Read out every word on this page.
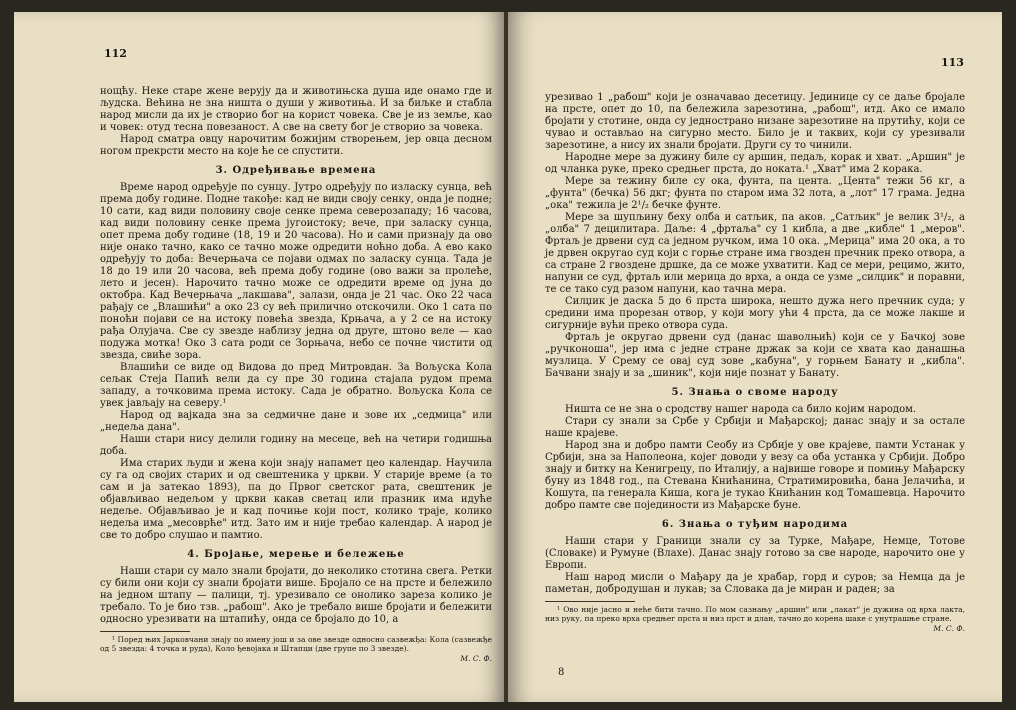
112

нощћу. Неке старе жене верују да и животињска душа иде онамо где и људска. Већина не зна ништа о души у животиња. И за биљке и стабла народ мисли да их је створио бог на корист човека. Све је из земље, као и човек: отуд тесна повезаност. А све на свету бог је створио за човека.

Народ сматра овцу нарочитим божијим створењем, јер овца десном ногом прекрсти место на које ће се спустити.

3. Одређивање времена

Време народ одређује по сунцу. Јутро одређују по изласку сунца, већ према добу године. Подне такође: кад не види своју сенку, онда је подне; 10 сати, кад види половину своје сенке према северозападу; 16 часова, кад види половину сенке према југоистоку; вече, при заласку сунца, опет према добу године (18, 19 и 20 часова). Но и сами признају да ово није онако тачно, како се тачно може одредити ноћно доба. А ево како одређују то доба: Вечерњача се појави одмах по заласку сунца. Тада је 18 до 19 или 20 часова, већ према добу године (ово важи за пролеће, лето и јесен). Нарочито тачно може се одредити време од јуна до октобра. Кад Вечерњача „лакшава", залази, онда је 21 час. Око 22 часа рађају се „Влашићи" а око 23 су већ прилично отскочили. Око 1 сата по поноћи појави се на истоку повећа звезда, Крњача, а у 2 се на истоку рађа Олујача. Све су звезде наблизу једна од друге, штоно веле — као подужа мотка! Око 3 сата роди се Зорњача, небо се почне чистити од звезда, свиће зора.

Влашићи се виде од Видова до пред Митровдан. За Вољуска Кола сељак Стеја Папић вели да су пре 30 година стајала рудом према западу, а точковима према истоку. Сада је обратно. Вољуска Кола се увек јављају на северу.¹

Народ од вајкада зна за седмичне дане и зове их „седмица" или „недеља дана".

Наши стари нису делили годину на месеце, већ на четири годишња доба.

Има старих људи и жена који знају напамет цео календар. Научила су га од својих старих и од свештеника у цркви. У старије време (а то сам и ја затекао 1893), па до Првог светског рата, свештеник је објављивао недељом у цркви какав светац или празник има идуће недеље. Објављивао је и кад почиње који пост, колико траје, колико недеља има „месоврће" итд. Зато им и није требао календар. А народ је све то добро слушао и памтио.

4. Бројање, мерење и бележење

Наши стари су мало знали бројати, до неколико стотина свега. Ретки су били они који су знали бројати више. Бројало се на прсте и бележило на једном штапу — палици, тј. урезивало се онолико зареза колико је требало. То је био тзв. „рабош". Ако је требало више бројати и бележити односно урезивати на штапићу, онда се бројало до 10, а

¹ Поред њих Јарковчани знају по имену још и за ове звезде односно сазвежђа: Кола (сазвежђе од 5 звезда: 4 точка и рудa), Коло ђевојака и Штапци (две групе по 3 звезде).

М. С. Ф.
113

урезивао 1 „рабош" који је означавао десетицу. Јединице су се даље бројале на прсте, опет до 10, па бележила зарезотина, „рабош", итд. Ако се имало бројати у стотине, онда су једнострано низане зарезотине на прутићу, који се чувао и остављао на сигурно место. Било је и таквих, који су урезивали зарезотине, а нису их знали бројати. Други су то чинили.

Народне мере за дужину биле су аршин, педаљ, корак и хват. „Аршин" је од чланка руке, преко средњег прста, до ноката.¹ „Хват" има 2 корака.

Мере за тежину биле су ока, фунта, па цента. „Цента" тежи 56 кг, а „фунта" (бечка) 56 дкг; фунта по старом има 32 лота, а „лот" 17 грама. Једна „ока" тежила је 2¹/₂ бечке фунте.

Мере за шупљину беху олба и сатљик, па аков. „Сатљик" је велик 3¹/₂, а „олба" 7 децилитара. Даље: 4 „фртаља" су 1 кибла, а две „кибле" 1 „меров". Фртаљ је дрвени суд са једном ручком, има 10 ока. „Мерица" има 20 ока, а то је дрвен округао суд који с горње стране има гвозден пречник преко отвора, а са стране 2 гвоздене дршке, да се може ухватити. Кад се мери, рецимо, жито, напуни се суд, фртаљ или мерица до врха, а онда се узме „силџик" и поравни, те се тако суд разом напуни, као тачна мера.

Силџик је даска 5 до 6 прста широка, нешто дужа него пречник суда; у средини има прорезан отвор, у који могу ући 4 прста, да се може лакше и сигурније вући преко отвора суда.

Фртаљ је округао дрвени суд (данас шаволњић) који се у Бачкој зове „ручконоша", јер има с једне стране држак за који се хвата као данашња музлица. У Срему се овај суд зове „кабуна", у горњем Банату и „кибла". Бачвани знају и за „шиник", који није познат у Банату.

5. Знања о своме народу

Ништа се не зна о сродству нашег народа са било којим народом.

Стари су знали за Србе у Србији и Мађарској; данас знају и за остале наше крајеве.

Народ зна и добро памти Сеобу из Србије у ове крајеве, памти Устанак у Србији, зна за Наполеона, којег доводи у везу са оба устанка у Србији. Добро знају и битку на Кенигрецу, по Италију, а највише говоре и помињу Мађарску буну из 1848 год., па Стевана Книћанина, Стратимировића, бана Јелачића, и Кошута, па генерала Киша, кога је тукао Книћанин код Томашевца. Нарочито добро памте све појединости из Мађарске буне.

6. Знања о туђим народима

Наши стари у Граници знали су за Турке, Мађаре, Немце, Тотове (Словаке) и Румуне (Влахе). Данас знају готово за све народе, нарочито оне у Европи.

Наш народ мисли о Мађару да је храбар, горд и суров; за Немца да је паметан, добродушан и лукав; за Словака да је миран и радeн; за

¹ Ово није јасно и неће бити тачно. По мом сазнању „аршин" или „лакат" је дужина од врха лакта, низ руку, па преко врха средњег прста и низ прст и длан, тачно до корена шаке с унутрашње стране.

М. С. Ф.
8
